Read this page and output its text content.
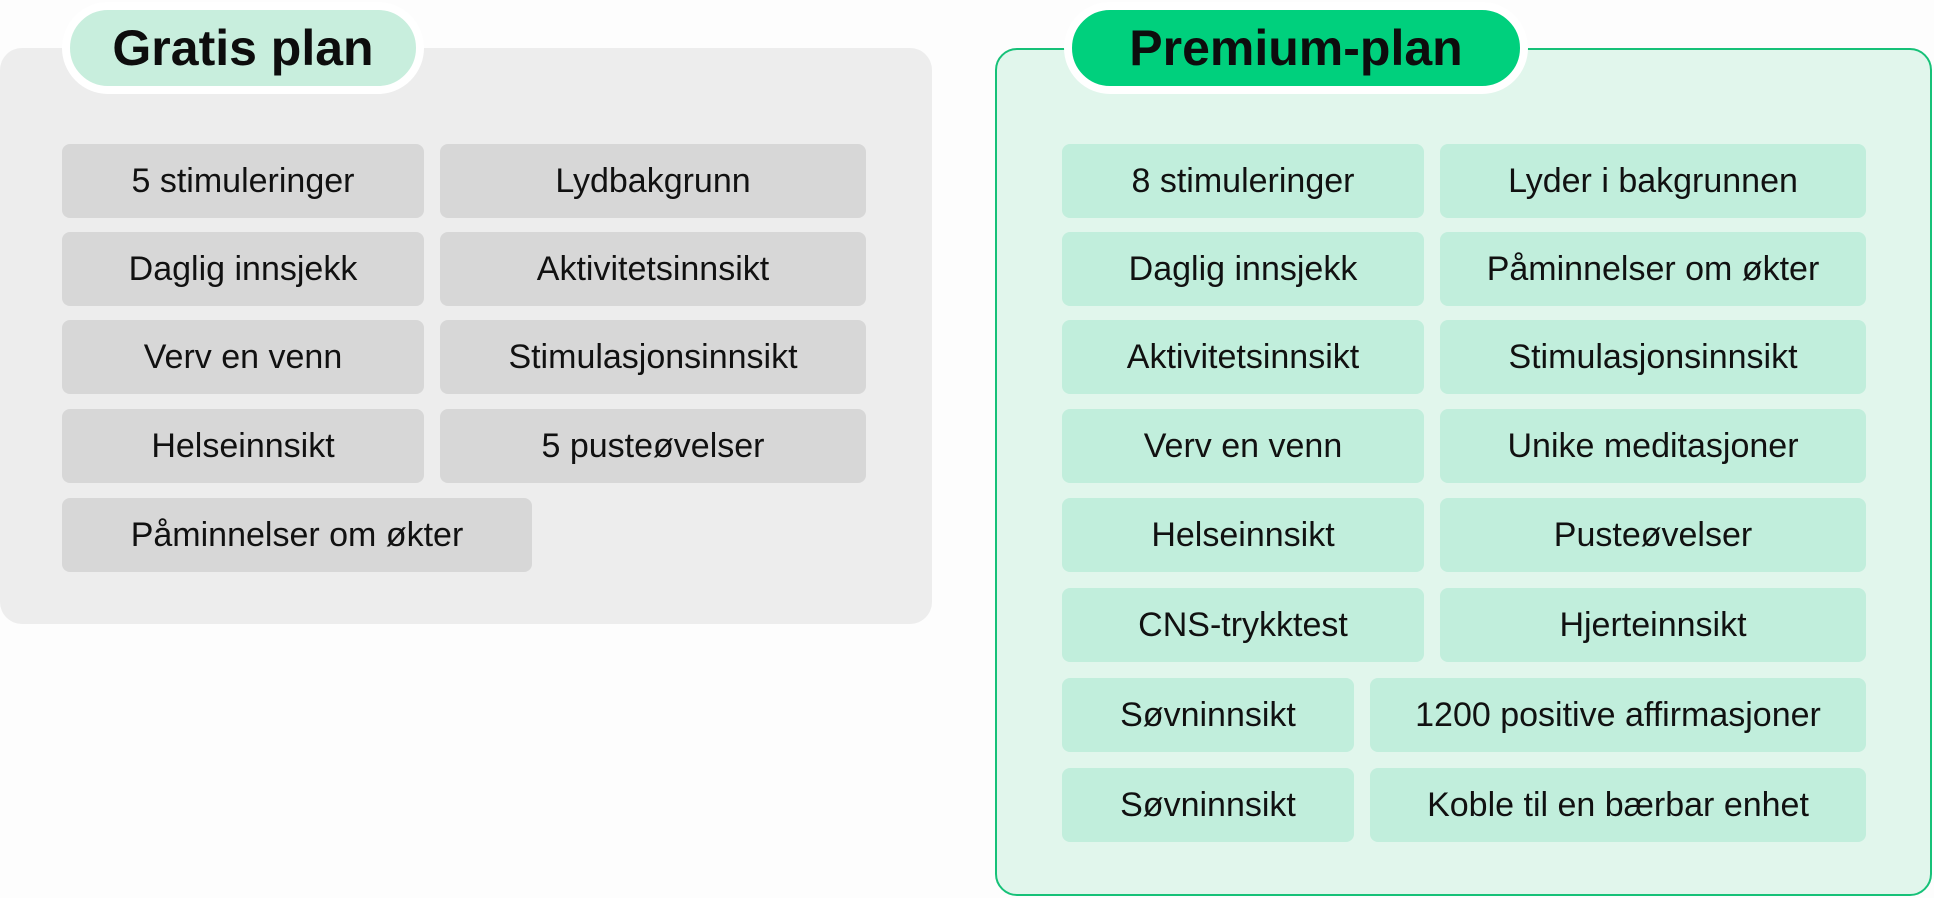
Gratis plan
5 stimuleringer	Lydbakgrunn
Daglig innsjekk	Aktivitetsinnsikt
Verv en venn	Stimulasjonsinnsikt
Helseinnsikt	5 pusteøvelser
Påminnelser om økter
Premium-plan
8 stimuleringer	Lyder i bakgrunnen
Daglig innsjekk	Påminnelser om økter
Aktivitetsinnsikt	Stimulasjonsinnsikt
Verv en venn	Unike meditasjoner
Helseinnsikt	Pusteøvelser
CNS-trykktest	Hjerteinnsikt
Søvninnsikt	1200 positive affirmasjoner
Søvninnsikt	Koble til en bærbar enhet
